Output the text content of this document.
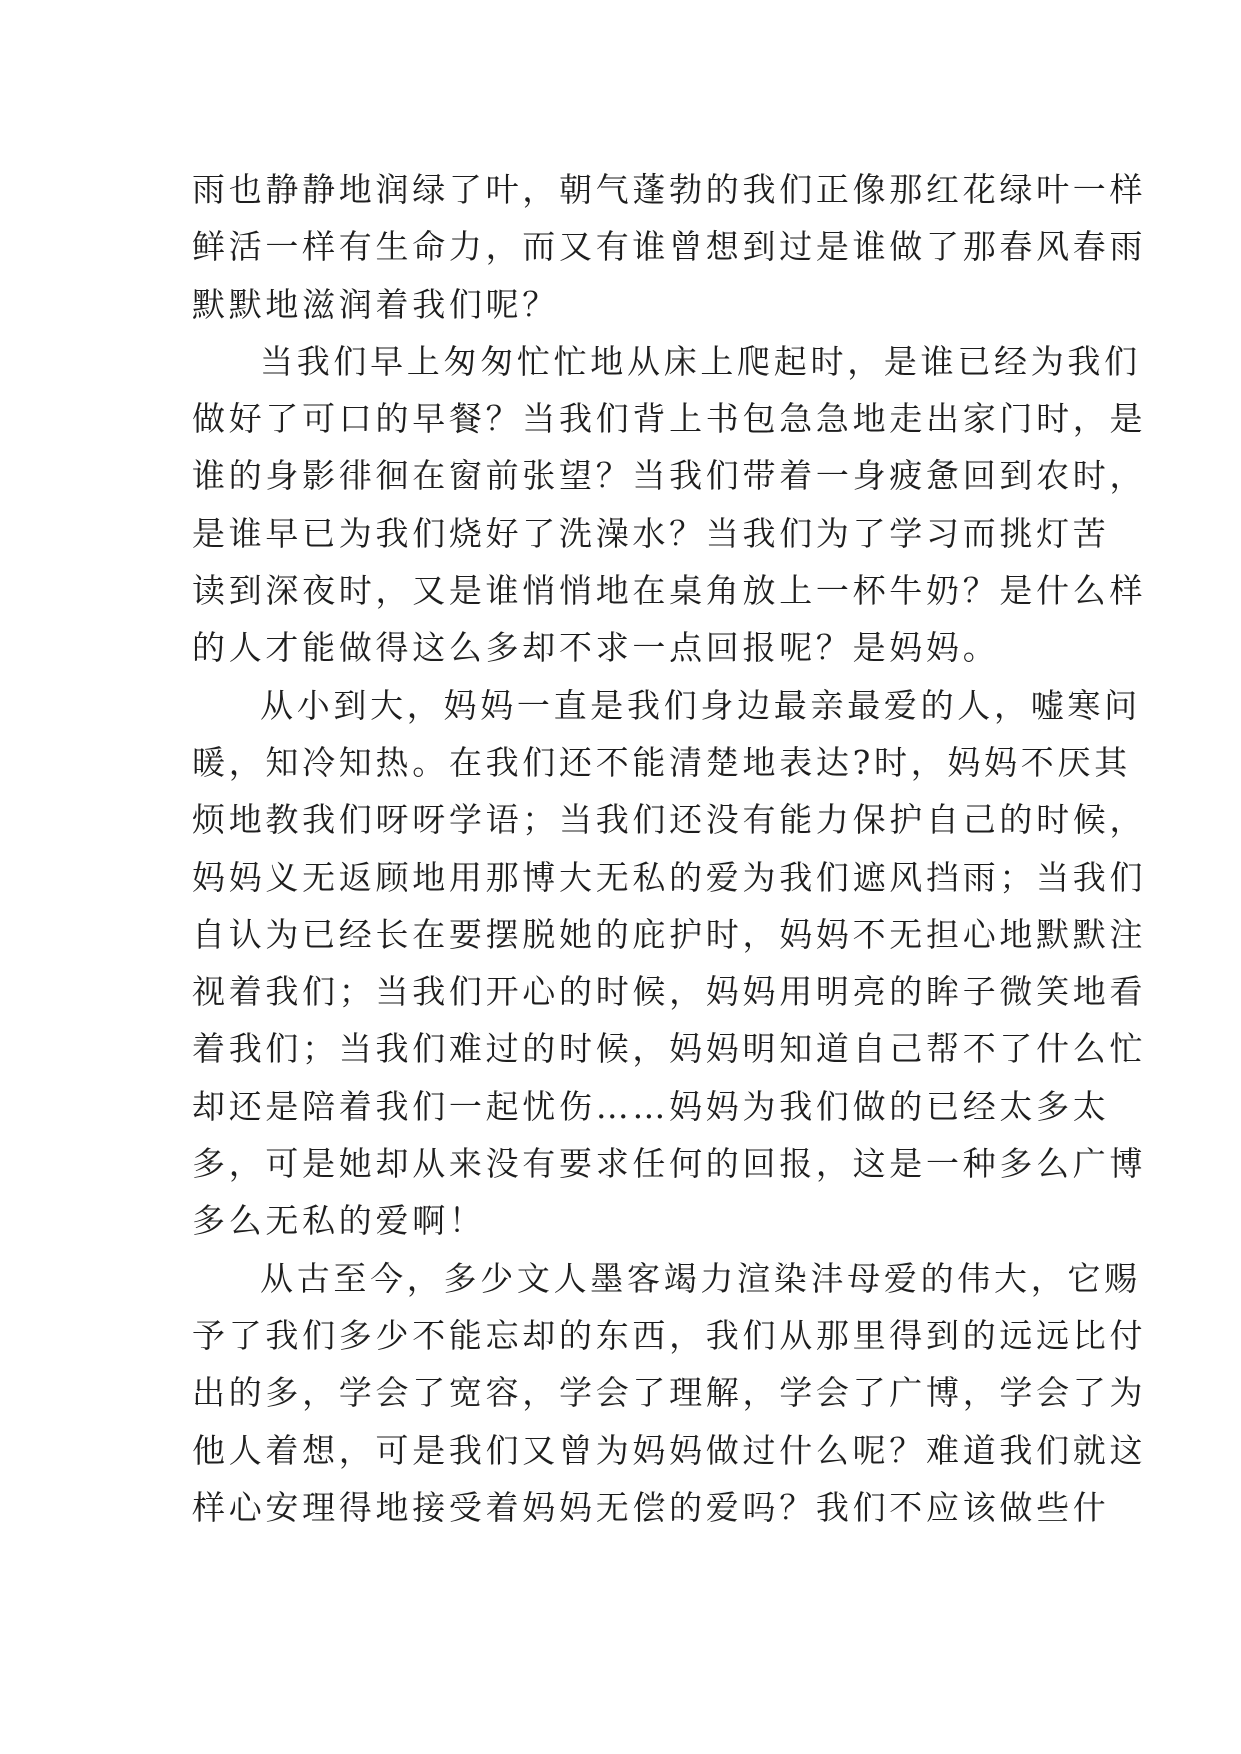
雨也静静地润绿了叶，朝气蓬勃的我们正像那红花绿叶一样
鲜活一样有生命力，而又有谁曾想到过是谁做了那春风春雨
默默地滋润着我们呢？

当我们早上匆匆忙忙地从床上爬起时，是谁已经为我们
做好了可口的早餐？当我们背上书包急急地走出家门时，是
谁的身影徘徊在窗前张望？当我们带着一身疲惫回到农时，
是谁早已为我们烧好了洗澡水？当我们为了学习而挑灯苦
读到深夜时，又是谁悄悄地在桌角放上一杯牛奶？是什么样
的人才能做得这么多却不求一点回报呢？是妈妈。

从小到大，妈妈一直是我们身边最亲最爱的人，嘘寒问
暖，知冷知热。在我们还不能清楚地表达?时，妈妈不厌其
烦地教我们呀呀学语；当我们还没有能力保护自己的时候，
妈妈义无返顾地用那博大无私的爱为我们遮风挡雨；当我们
自认为已经长在要摆脱她的庇护时，妈妈不无担心地默默注
视着我们；当我们开心的时候，妈妈用明亮的眸子微笑地看
着我们；当我们难过的时候，妈妈明知道自己帮不了什么忙
却还是陪着我们一起忧伤……妈妈为我们做的已经太多太
多，可是她却从来没有要求任何的回报，这是一种多么广博
多么无私的爱啊！

从古至今，多少文人墨客竭力渲染沣母爱的伟大，它赐
予了我们多少不能忘却的东西，我们从那里得到的远远比付
出的多，学会了宽容，学会了理解，学会了广博，学会了为
他人着想，可是我们又曾为妈妈做过什么呢？难道我们就这
样心安理得地接受着妈妈无偿的爱吗？我们不应该做些什
